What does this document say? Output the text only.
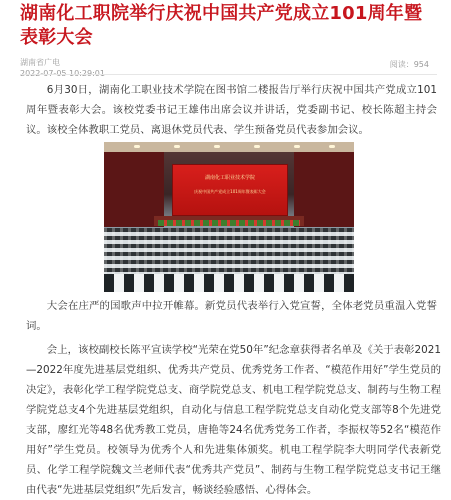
湖南化工职院举行庆祝中国共产党成立101周年暨表彰大会
湖南省广电
2022-07-05 10:29:01
阅读：954

6月30日，湖南化工职业技术学院在图书馆二楼报告厅举行庆祝中国共产党成立101周年暨表彰大会。该校党委书记王雄伟出席会议并讲话，党委副书记、校长陈超主持会议。该校全体教职工党员、离退休党员代表、学生预备党员代表参加会议。

湖南化工职业技术学院
庆祝中国共产党成立101周年暨表彰大会

大会在庄严的国歌声中拉开帷幕。新党员代表举行入党宣誓，全体老党员重温入党誓词。

会上，该校副校长陈平宣读学校“光荣在党50年”纪念章获得者名单及《关于表彰2021—2022年度先进基层党组织、优秀共产党员、优秀党务工作者、“模范作用好”学生党员的决定》，表彰化学工程学院党总支、商学院党总支、机电工程学院党总支、制药与生物工程学院党总支4个先进基层党组织，自动化与信息工程学院党总支自动化党支部等8个先进党支部，廖红光等48名优秀教工党员，唐艳等24名优秀党务工作者，李振权等52名“模范作用好”学生党员。校领导为优秀个人和先进集体颁奖。机电工程学院李大明同学代表新党员、化学工程学院魏文兰老师代表“优秀共产党员”、制药与生物工程学院党总支书记王继由代表“先进基层党组织”先后发言，畅谈经验感悟、心得体会。
